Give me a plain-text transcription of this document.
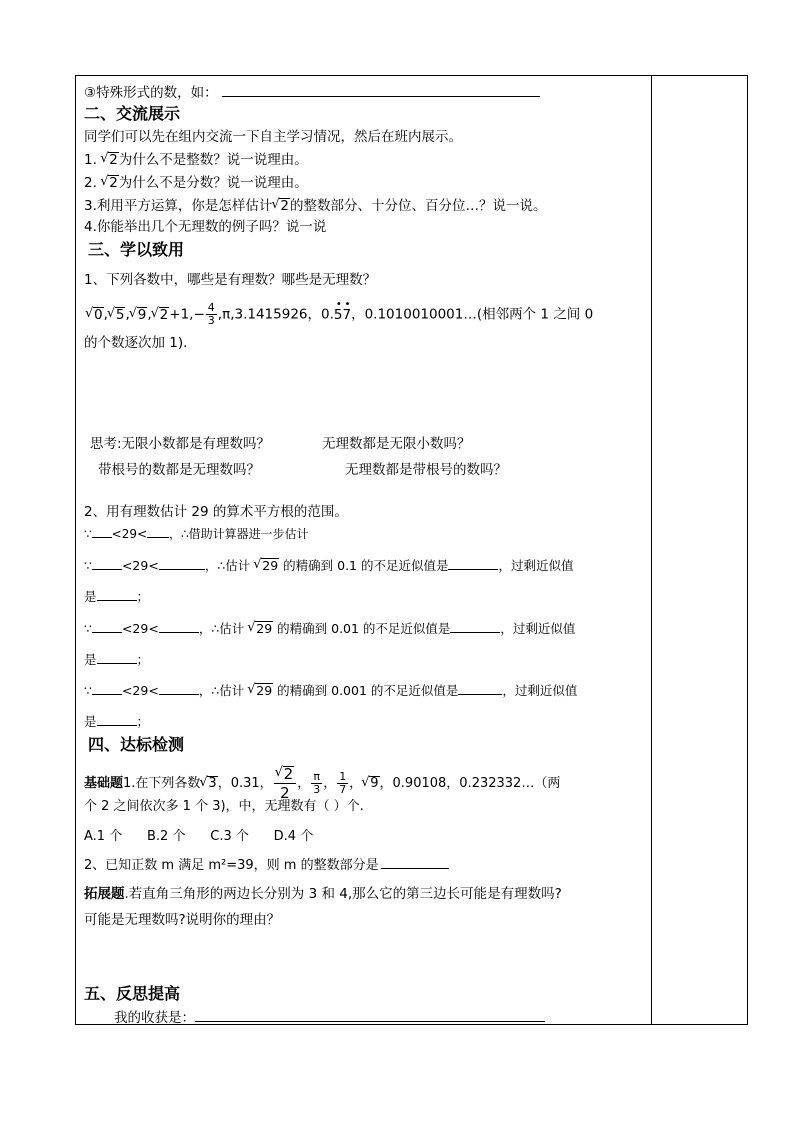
③特殊形式的数，如：
二、交流展示
同学们可以先在组内交流一下自主学习情况，然后在班内展示。
1. √ 2为什么不是整数？说一说理由。
2. √ 2为什么不是分数？说一说理由。
3.利用平方运算，你是怎样估计 √ 2的整数部分、十分位、百分位…？说一说。
4.你能举出几个无理数的例子吗？说一说
三、学以致用
1、下列各数中，哪些是有理数？哪些是无理数？
√ 0, √ 5, √ 9, √ $2+1,- \frac{4}{3} ,\pi,3.1415926$，0.5 •7 •，0.1010010001…(相邻两个 1 之间 0
的个数逐次加 1).
思考:无限小数都是有理数吗？	无理数都是无限小数吗？
带根号的数都是无理数吗？	无理数都是带根号的数吗？
2、用有理数估计 29 的算术平方根的范围。
∵ <29< ，∴借助计算器进一步估计
∵ <29<	，∴估计 √ 29 的精确到 0.1 的不足近似值是	，过剩近似值
是	；
∵ <29<	，∴估计 √ 29 的精确到 0.01 的不足近似值是	，过剩近似值
是	；
∵ <29<	，∴估计 √ 29 的精确到 0.001 的不足近似值是	，过剩近似值
是	；
四、达标检测
基础题1.在下列各数 √ 3，0.31， √ $\frac{2}{2}$ ， $\frac{\pi}{3}$ ， $\frac{1}{7}$ ， √ 9，0.90108，0.232332…（两
个 2 之间依次多 1 个 3)，中，无理数有（ ）个.
A.1 个      B.2 个      C.3 个      D.4 个
2、已知正数 m 满足 m²=39，则 m 的整数部分是
拓展题.若直角三角形的两边长分别为 3 和 4,那么它的第三边长可能是有理数吗?
可能是无理数吗?说明你的理由？
五、反思提高
我的收获是：
